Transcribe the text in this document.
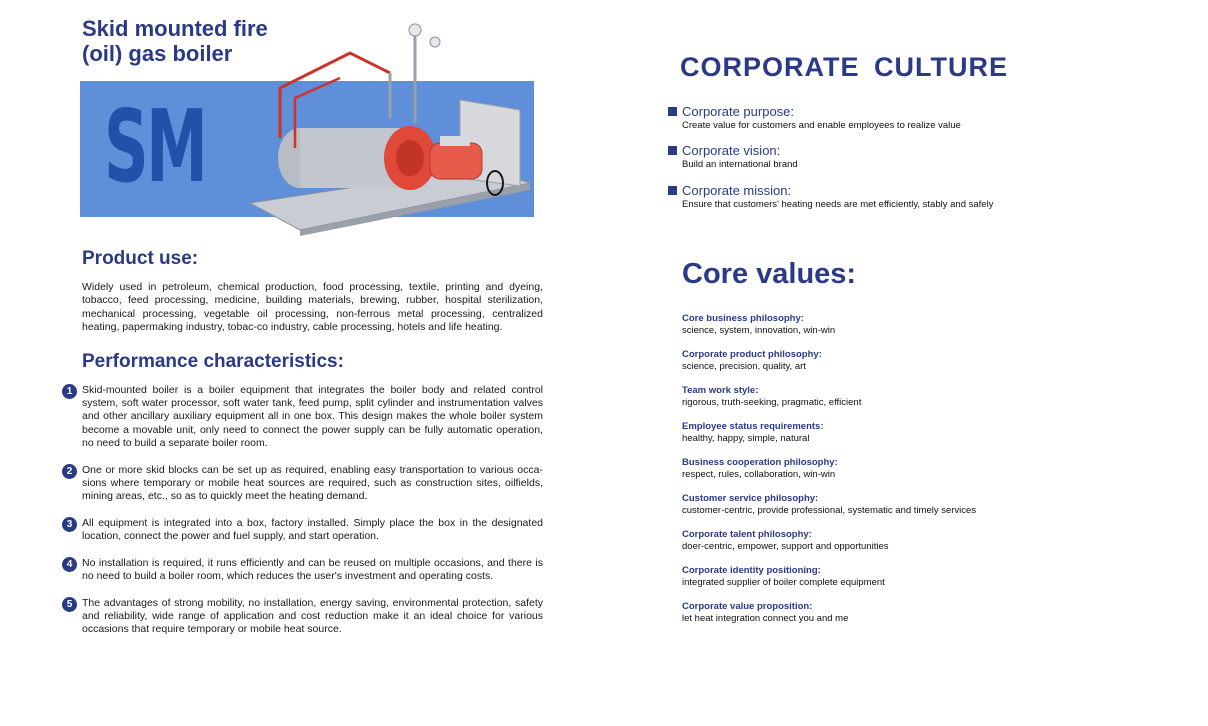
Skid mounted fire
(oil) gas boiler
SM
Product use:
Widely used in petroleum, chemical production, food processing, textile, printing and dyeing, tobacco, feed processing, medicine, building materials, brewing, rubber, hospital sterilization, mechanical processing, vegetable oil processing, non-ferrous metal processing, centralized heating, papermaking industry, tobac-co industry, cable processing, hotels and life heating.
Performance characteristics:
1 Skid-mounted boiler is a boiler equipment that integrates the boiler body and related control system, soft water processor, soft water tank, feed pump, split cylinder and instrumentation valves and other ancillary auxiliary equipment all in one box. This design makes the whole boiler system become a movable unit, only need to connect the power supply can be fully automatic operation, no need to build a separate boiler room.
2 One or more skid blocks can be set up as required, enabling easy transportation to various occa-sions where temporary or mobile heat sources are required, such as construction sites, oilfields, mining areas, etc., so as to quickly meet the heating demand.
3 All equipment is integrated into a box, factory installed. Simply place the box in the designated location, connect the power and fuel supply, and start operation.
4 No installation is required, it runs efficiently and can be reused on multiple occasions, and there is no need to build a boiler room, which reduces the user's investment and operating costs.
5 The advantages of strong mobility, no installation, energy saving, environmental protection, safety and reliability, wide range of application and cost reduction make it an ideal choice for various occasions that require temporary or mobile heat source.
CORPORATE CULTURE
Corporate purpose:
Create value for customers and enable employees to realize value
Corporate vision:
Build an international brand
Corporate mission:
Ensure that customers' heating needs are met efficiently, stably and safely
Core values:
Core business philosophy:
science, system, innovation, win-win
Corporate product philosophy:
science, precision, quality, art
Team work style:
rigorous, truth-seeking, pragmatic, efficient
Employee status requirements:
healthy, happy, simple, natural
Business cooperation philosophy:
respect, rules, collaboration, win-win
Customer service philosophy:
customer-centric, provide professional, systematic and timely services
Corporate talent philosophy:
doer-centric, empower, support and opportunities
Corporate identity positioning:
integrated supplier of boiler complete equipment
Corporate value proposition:
let heat integration connect you and me
